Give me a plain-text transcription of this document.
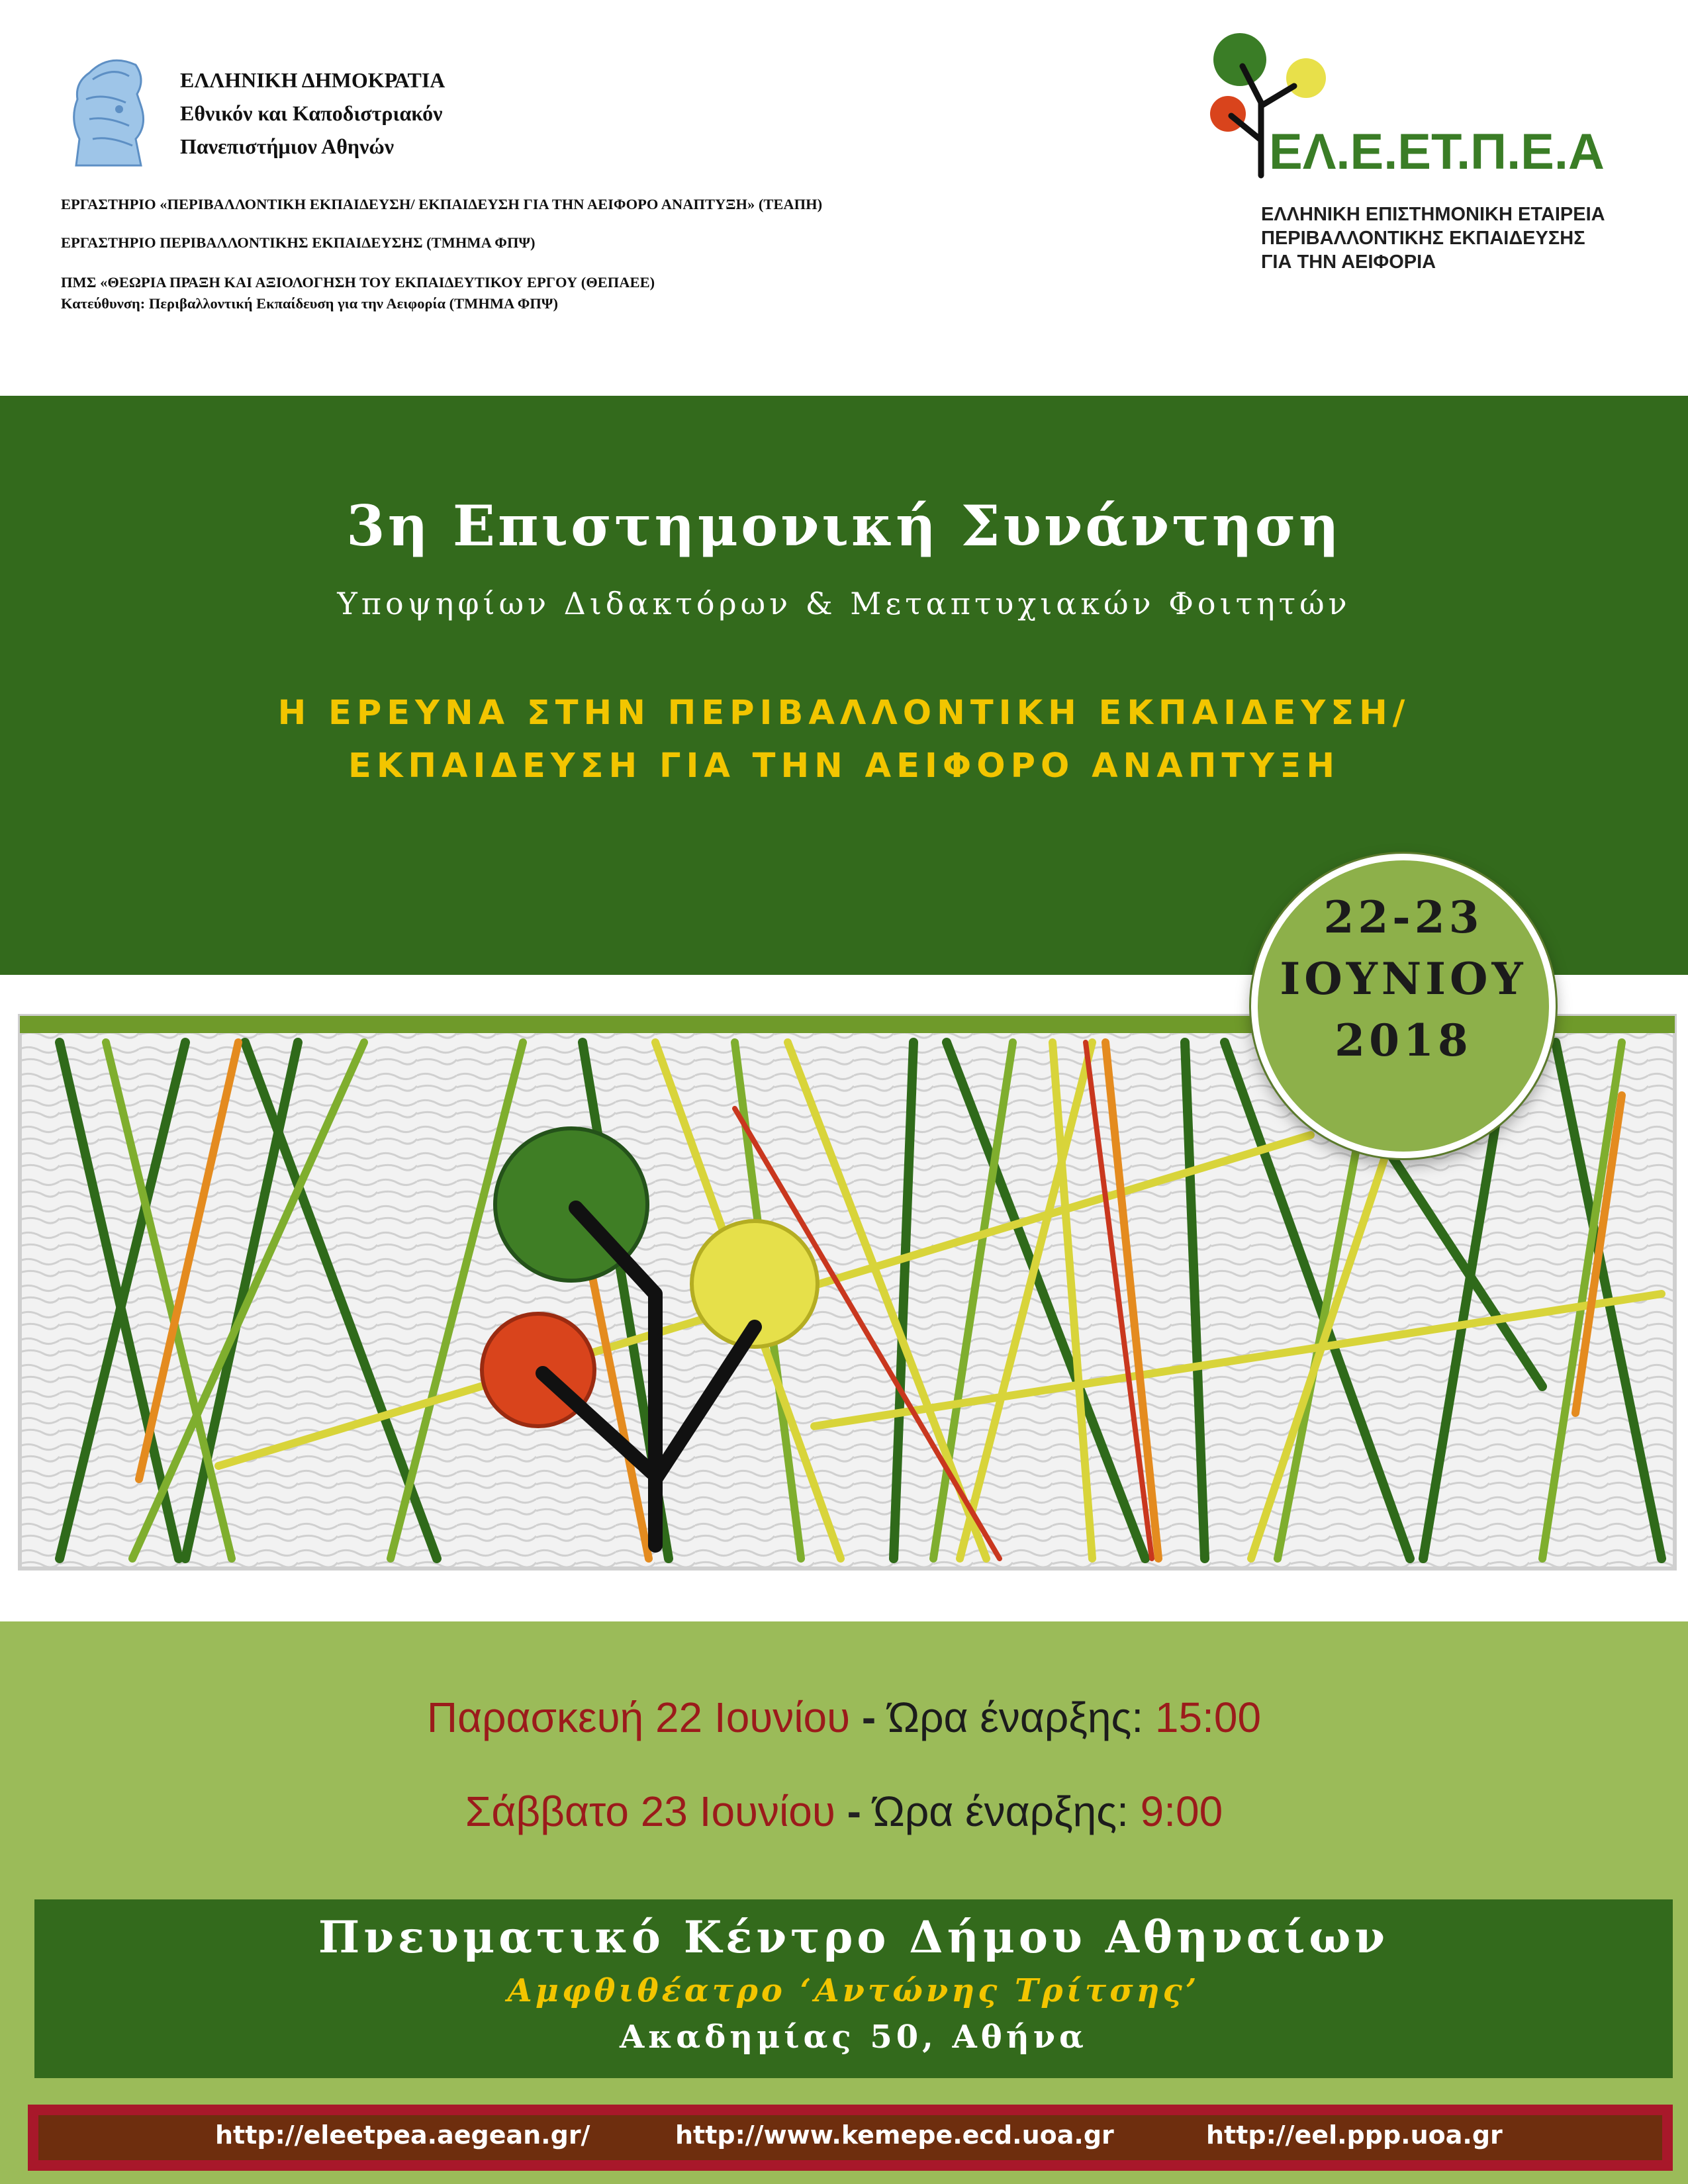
ΕΛΛΗΝΙΚΗ ΔΗΜΟΚΡΑΤΙΑ
Εθνικόν και Καποδιστριακόν
Πανεπιστήμιον Αθηνών
ΕΡΓΑΣΤΗΡΙΟ «ΠΕΡΙΒΑΛΛΟΝΤΙΚΗ ΕΚΠΑΙΔΕΥΣΗ/ ΕΚΠΑΙΔΕΥΣΗ ΓΙΑ ΤΗΝ ΑΕΙΦΟΡΟ ΑΝΑΠΤΥΞΗ» (ΤΕΑΠΗ)
ΕΡΓΑΣΤΗΡΙΟ ΠΕΡΙΒΑΛΛΟΝΤΙΚΗΣ ΕΚΠΑΙΔΕΥΣΗΣ (ΤΜΗΜΑ ΦΠΨ)
ΠΜΣ «ΘΕΩΡΙΑ ΠΡΑΞΗ ΚΑΙ ΑΞΙΟΛΟΓΗΣΗ ΤΟΥ ΕΚΠΑΙΔΕΥΤΙΚΟΥ ΕΡΓΟΥ (ΘΕΠΑΕΕ)
Κατεύθυνση: Περιβαλλοντική Εκπαίδευση για την Αειφορία (ΤΜΗΜΑ ΦΠΨ)
ΕΛ.Ε.ΕΤ.Π.Ε.Α
ΕΛΛΗΝΙΚΗ ΕΠΙΣΤΗΜΟΝΙΚΗ ΕΤΑΙΡΕΙΑ
ΠΕΡΙΒΑΛΛΟΝΤΙΚΗΣ ΕΚΠΑΙΔΕΥΣΗΣ
ΓΙΑ ΤΗΝ ΑΕΙΦΟΡΙΑ
3η Επιστημονική Συνάντηση
Υποψηφίων Διδακτόρων & Μεταπτυχιακών Φοιτητών
Η ΕΡΕΥΝΑ ΣΤΗΝ ΠΕΡΙΒΑΛΛΟΝΤΙΚΗ ΕΚΠΑΙΔΕΥΣΗ/
ΕΚΠΑΙΔΕΥΣΗ ΓΙΑ ΤΗΝ ΑΕΙΦΟΡΟ ΑΝΑΠΤΥΞΗ
22-23
ΙΟΥΝΙΟΥ
2018
Παρασκευή 22 Ιουνίου - Ώρα έναρξης: 15:00
Σάββατο 23 Ιουνίου - Ώρα έναρξης: 9:00
Πνευματικό Κέντρο Δήμου Αθηναίων
Αμφθιθέατρο ‘Αντώνης Τρίτσης’
Ακαδημίας 50, Αθήνα
http://eleetpea.aegean.gr/	http://www.kemepe.ecd.uoa.gr	http://eel.ppp.uoa.gr
